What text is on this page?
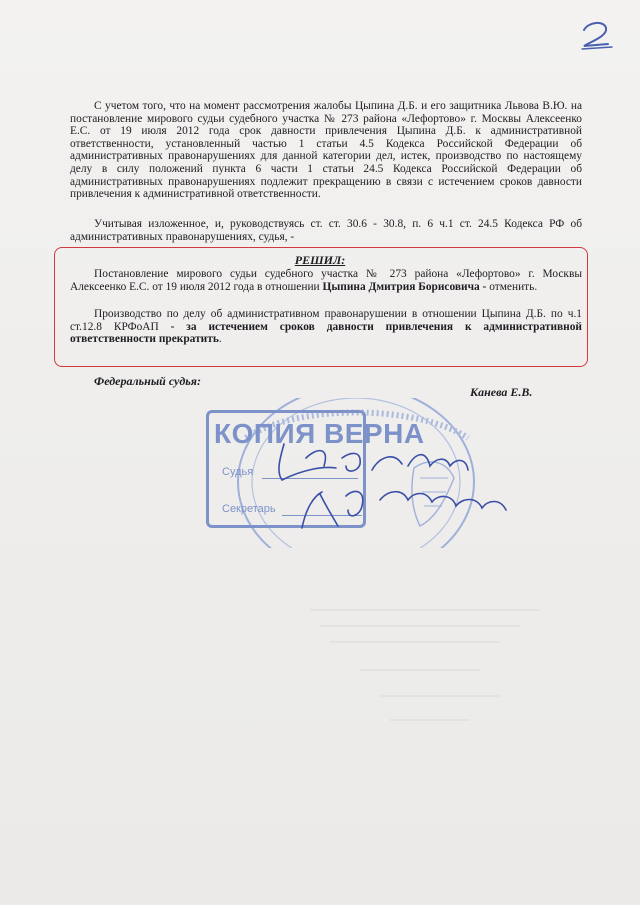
С учетом того, что на момент рассмотрения жалобы Цыпина Д.Б. и его защитника Львова В.Ю. на постановление мирового судьи судебного участка № 273 района «Лефортово» г. Москвы Алексеенко Е.С. от 19 июля 2012 года срок давности привлечения Цыпина Д.Б. к административной ответственности, установленный частью 1 статьи 4.5 Кодекса Российской Федерации об административных правонарушениях для данной категории дел, истек, производство по настоящему делу в силу положений пункта 6 части 1 статьи 24.5 Кодекса Российской Федерации об административных правонарушениях подлежит прекращению в связи с истечением сроков давности привлечения к административной ответственности.
Учитывая изложенное, и, руководствуясь ст. ст. 30.6 - 30.8, п. 6 ч.1 ст. 24.5 Кодекса РФ об административных правонарушениях, судья, -
РЕШИЛ:
Постановление мирового судьи судебного участка № 273 района «Лефортово» г. Москвы Алексеенко Е.С. от 19 июля 2012 года в отношении Цыпина Дмитрия Борисовича - отменить.
Производство по делу об административном правонарушении в отношении Цыпина Д.Б. по ч.1 ст.12.8 КРФоАП - за истечением сроков давности привлечения к административной ответственности прекратить.
Федеральный судья:
Канева Е.В.
КОПИЯ ВЕРНА
Судья
Секретарь
